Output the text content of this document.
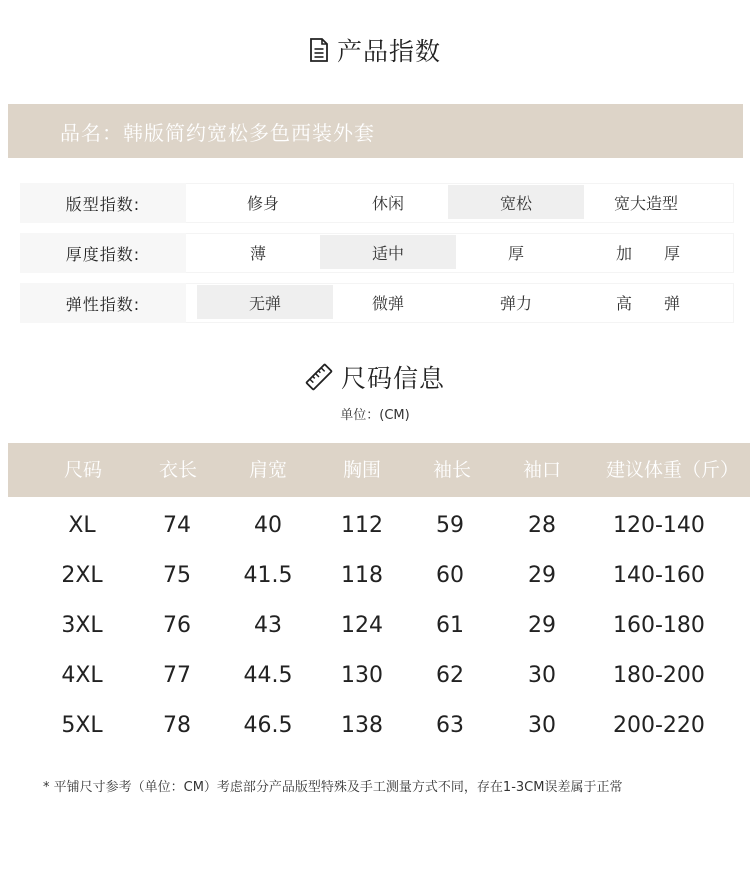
产品指数
品名：韩版简约宽松多色西装外套
版型指数:	修身	休闲	宽松	宽大造型
厚度指数:	薄	适中	厚	加　　厚
弹性指数:	无弹	微弹	弹力	高　　弹
尺码信息
单位：(CM)
尺码	衣长	肩宽	胸围	袖长	袖口	建议体重（斤）
XL	74	40	112	59	28	120-140
2XL	75	41.5	118	60	29	140-160
3XL	76	43	124	61	29	160-180
4XL	77	44.5	130	62	30	180-200
5XL	78	46.5	138	63	30	200-220
* 平铺尺寸参考（单位：CM）考虑部分产品版型特殊及手工测量方式不同，存在1-3CM误差属于正常
